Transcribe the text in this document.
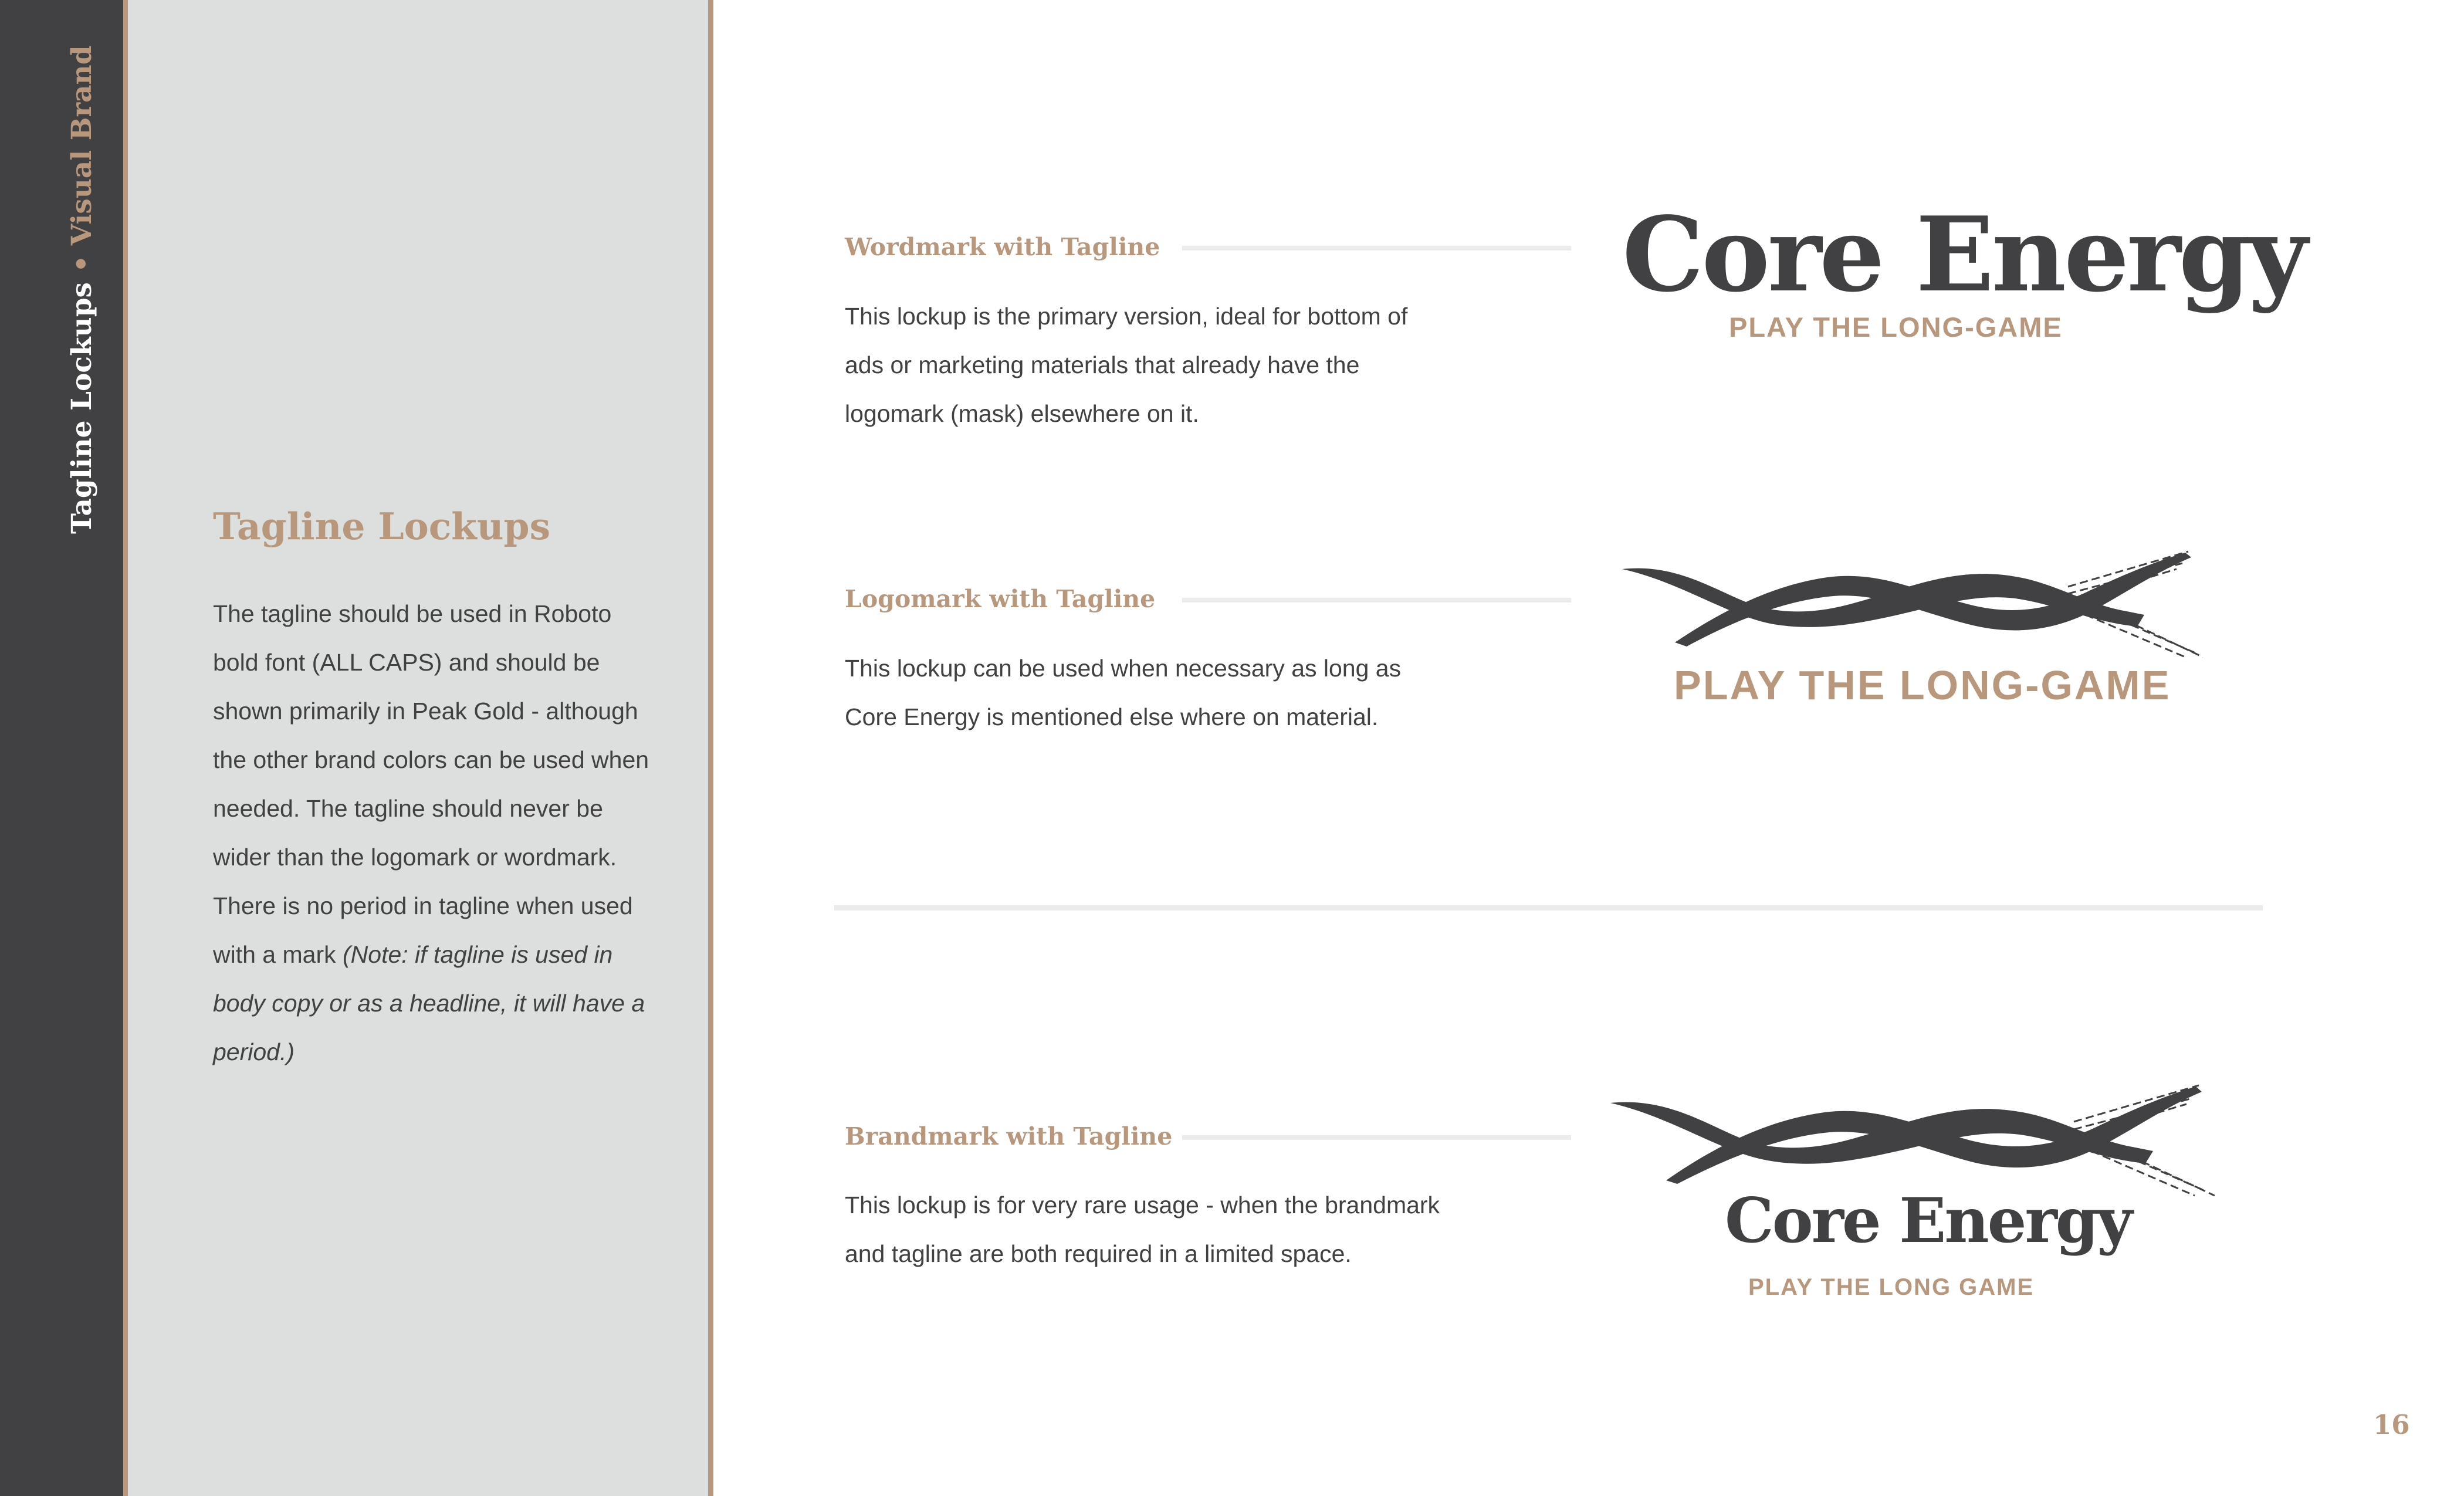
Tagline Lockups • Visual Brand
Tagline Lockups
The tagline should be used in Roboto bold font (ALL CAPS) and should be shown primarily in Peak Gold - although the other brand colors can be used when needed. The tagline should never be wider than the logomark or wordmark. There is no period in tagline when used with a mark (Note: if tagline is used in body copy or as a headline, it will have a period.)
Wordmark with Tagline
This lockup is the primary version, ideal for bottom of ads or marketing materials that already have the logomark (mask) elsewhere on it.
Logomark with Tagline
This lockup can be used when necessary as long as Core Energy is mentioned else where on material.
Brandmark with Tagline
This lockup is for very rare usage - when the brandmark and tagline are both required in a limited space.
Core Energy
PLAY THE LONG-GAME
PLAY THE LONG-GAME
Core Energy
PLAY THE LONG GAME
16
